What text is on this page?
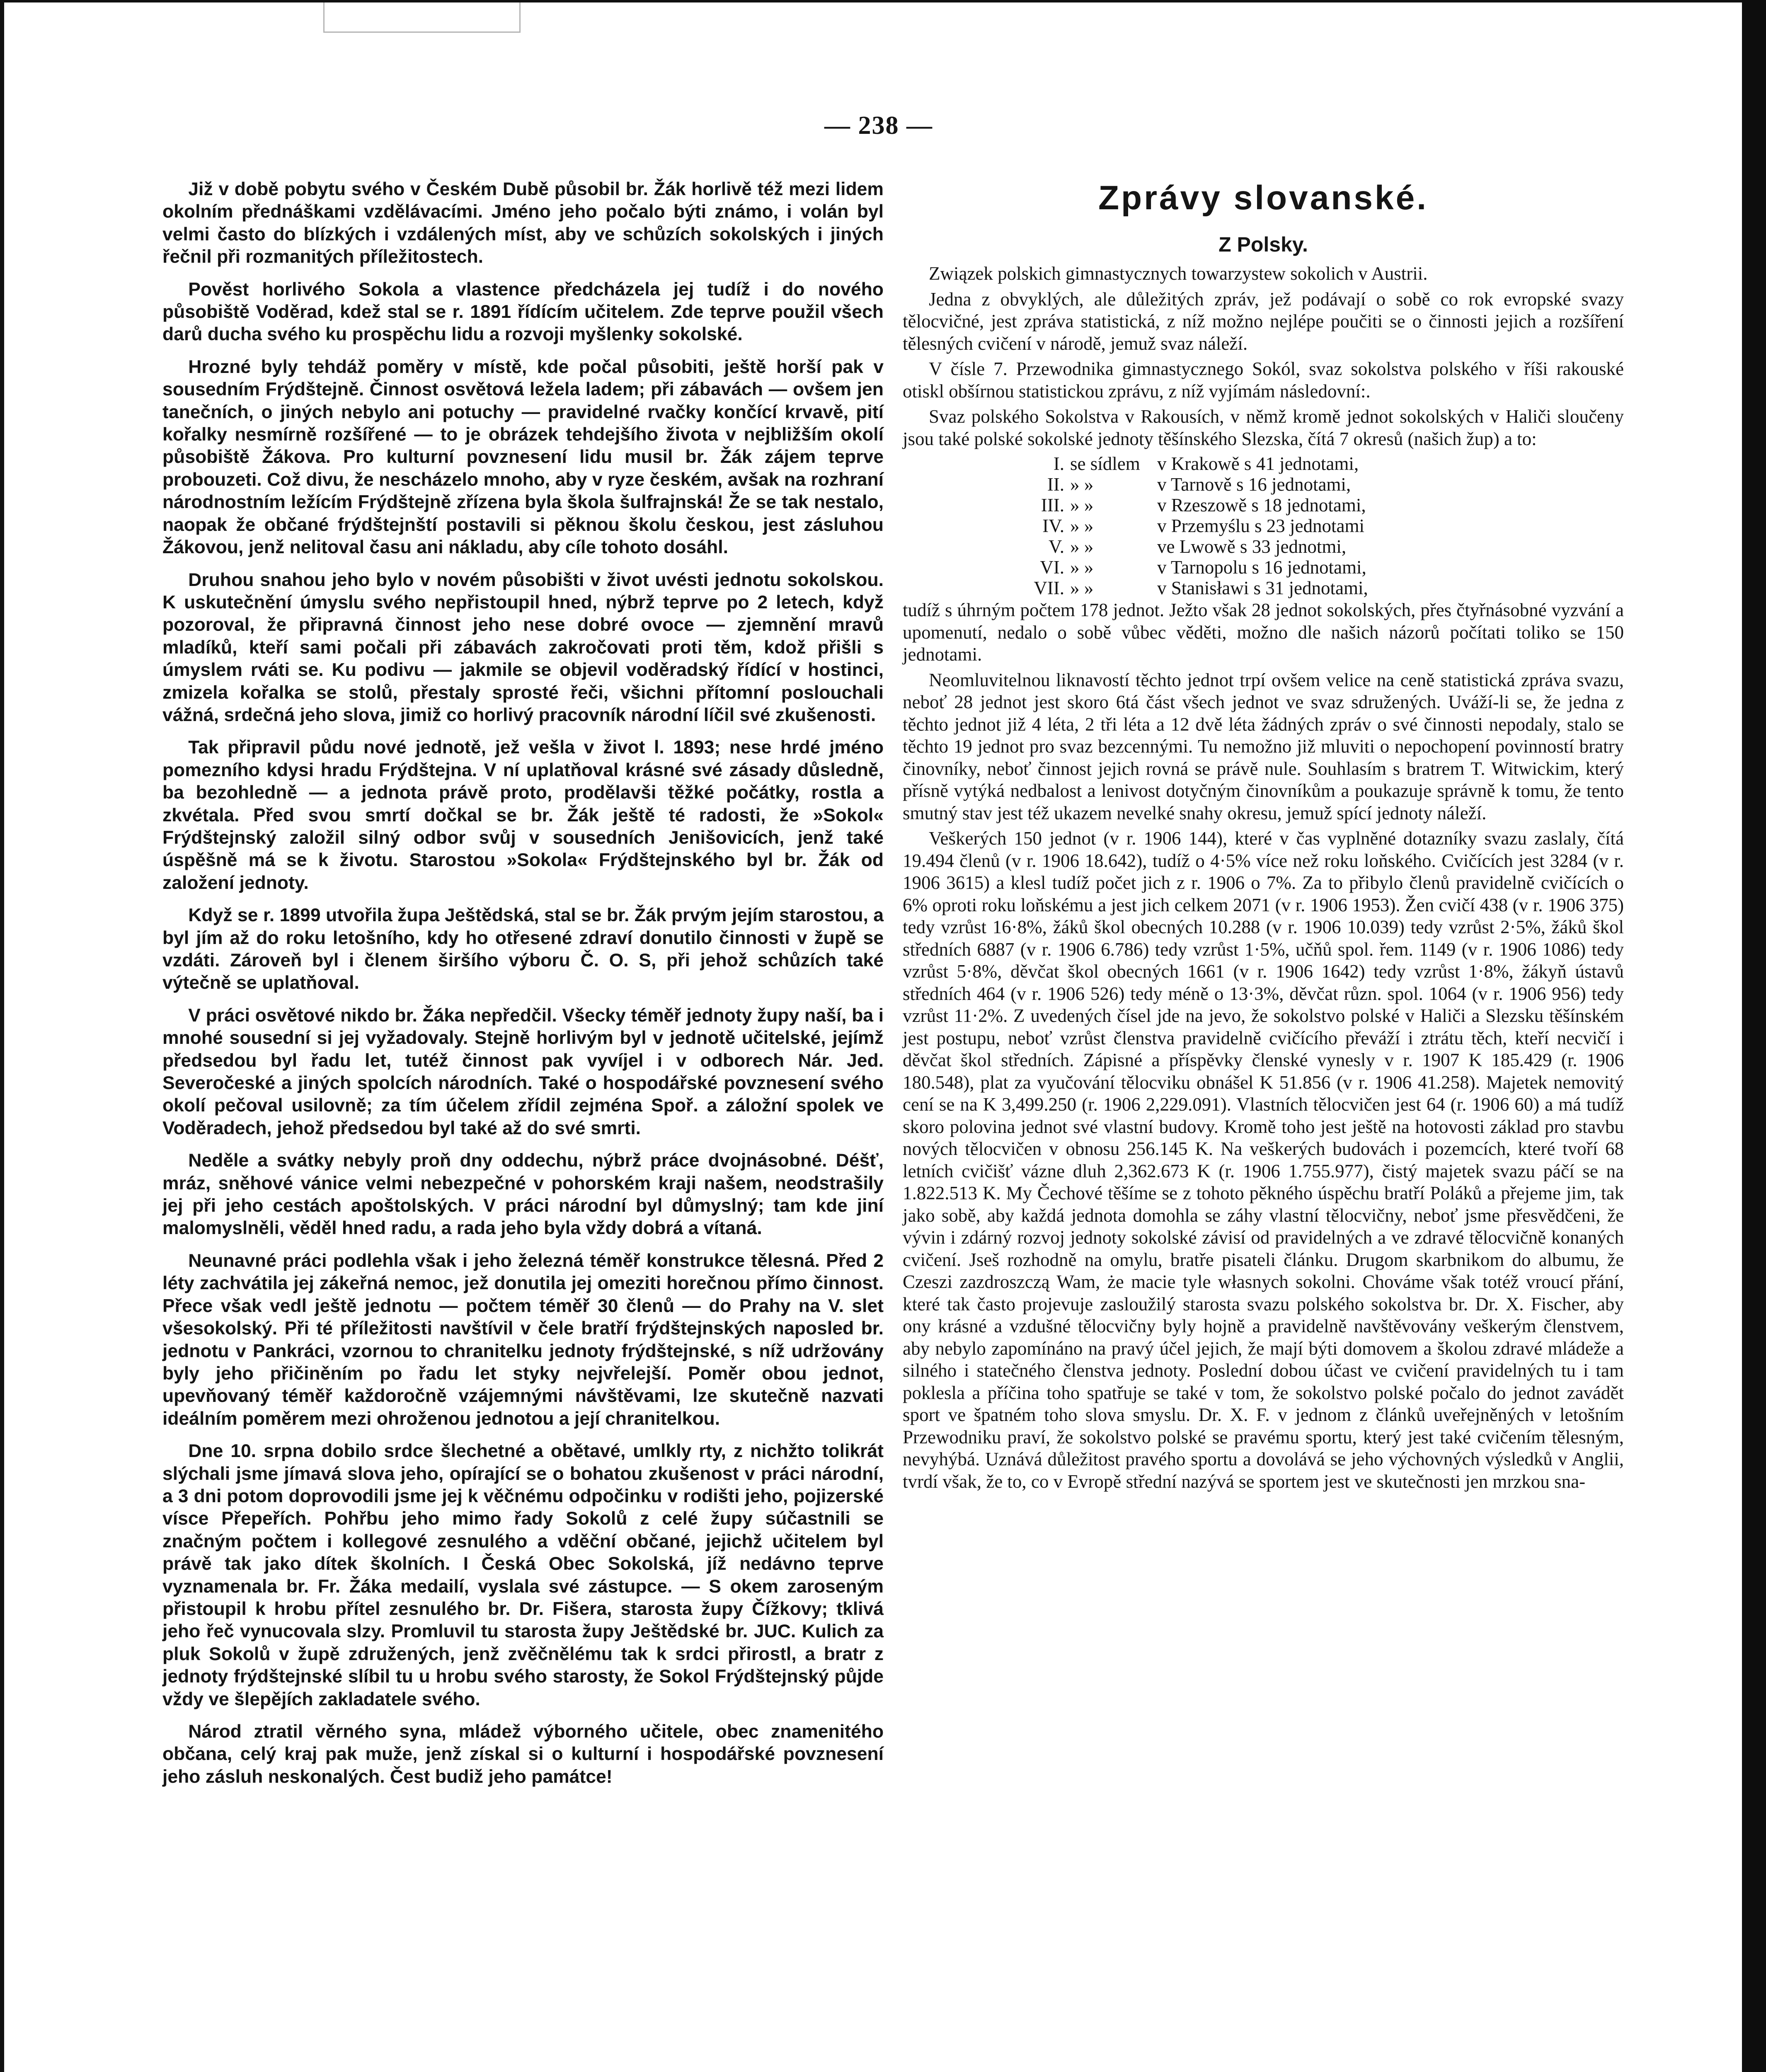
— 238 —

Již v době pobytu svého v Českém Dubě působil br. Žák horlivě též mezi lidem okolním přednáškami vzdělávacími. Jméno jeho počalo býti známo, i volán byl velmi často do blízkých i vzdálených míst, aby ve schůzích sokolských i jiných řečnil při rozmanitých příležitostech.

Pověst horlivého Sokola a vlastence předcházela jej tudíž i do nového působiště Voděrad, kdež stal se r. 1891 řídícím učitelem. Zde teprve použil všech darů ducha svého ku prospěchu lidu a rozvoji myšlenky sokolské.

Hrozné byly tehdáž poměry v místě, kde počal působiti, ještě horší pak v sousedním Frýdštejně. Činnost osvětová ležela ladem; při zábavách — ovšem jen tanečních, o jiných nebylo ani potuchy — pravidelné rvačky končící krvavě, pití kořalky nesmírně rozšířené — to je obrázek tehdejšího života v nejbližším okolí působiště Žákova. Pro kulturní povznesení lidu musil br. Žák zájem teprve probouzeti. Což divu, že nescházelo mnoho, aby v ryze českém, avšak na rozhraní národnostním ležícím Frýdštejně zřízena byla škola šulfrajnská! Že se tak nestalo, naopak že občané frýdštejnští postavili si pěknou školu českou, jest zásluhou Žákovou, jenž nelitoval času ani nákladu, aby cíle tohoto dosáhl.

Druhou snahou jeho bylo v novém působišti v život uvésti jednotu sokolskou. K uskutečnění úmyslu svého nepřistoupil hned, nýbrž teprve po 2 letech, když pozoroval, že připravná činnost jeho nese dobré ovoce — zjemnění mravů mladíků, kteří sami počali při zábavách zakročovati proti těm, kdož přišli s úmyslem rváti se. Ku podivu — jakmile se objevil voděradský řídící v hostinci, zmizela kořalka se stolů, přestaly sprosté řeči, všichni přítomní poslouchali vážná, srdečná jeho slova, jimiž co horlivý pracovník národní líčil své zkušenosti.

Tak připravil půdu nové jednotě, jež vešla v život l. 1893; nese hrdé jméno pomezního kdysi hradu Frýdštejna. V ní uplatňoval krásné své zásady důsledně, ba bezohledně — a jednota právě proto, prodělavši těžké počátky, rostla a zkvétala. Před svou smrtí dočkal se br. Žák ještě té radosti, že »Sokol« Frýdštejnský založil silný odbor svůj v sousedních Jenišovicích, jenž také úspěšně má se k životu. Starostou »Sokola« Frýdštejnského byl br. Žák od založení jednoty.

Když se r. 1899 utvořila župa Ještědská, stal se br. Žák prvým jejím starostou, a byl jím až do roku letošního, kdy ho otřesené zdraví donutilo činnosti v župě se vzdáti. Zároveň byl i členem širšího výboru Č. O. S, při jehož schůzích také výtečně se uplatňoval.

V práci osvětové nikdo br. Žáka nepředčil. Všecky téměř jednoty župy naší, ba i mnohé sousední si jej vyžadovaly. Stejně horlivým byl v jednotě učitelské, jejímž předsedou byl řadu let, tutéž činnost pak vyvíjel i v odborech Nár. Jed. Severočeské a jiných spolcích národních. Také o hospodářské povznesení svého okolí pečoval usilovně; za tím účelem zřídil zejména Spoř. a záložní spolek ve Voděradech, jehož předsedou byl také až do své smrti.

Neděle a svátky nebyly proň dny oddechu, nýbrž práce dvojnásobné. Déšť, mráz, sněhové vánice velmi nebezpečné v pohorském kraji našem, neodstrašily jej při jeho cestách apoštolských. V práci národní byl důmyslný; tam kde jiní malomyslněli, věděl hned radu, a rada jeho byla vždy dobrá a vítaná.

Neunavné práci podlehla však i jeho železná téměř konstrukce tělesná. Před 2 léty zachvátila jej zákeřná nemoc, jež donutila jej omeziti horečnou přímo činnost. Přece však vedl ještě jednotu — počtem téměř 30 členů — do Prahy na V. slet všesokolský. Při té příležitosti navštívil v čele bratří frýdštejnských naposled br. jednotu v Pankráci, vzornou to chranitelku jednoty frýdštejnské, s níž udržovány byly jeho přičiněním po řadu let styky nejvřelejší. Poměr obou jednot, upevňovaný téměř každoročně vzájemnými návštěvami, lze skutečně nazvati ideálním poměrem mezi ohroženou jednotou a její chranitelkou.

Dne 10. srpna dobilo srdce šlechetné a obětavé, umlkly rty, z nichžto tolikrát slýchali jsme jímavá slova jeho, opírající se o bohatou zkušenost v práci národní, a 3 dni potom doprovodili jsme jej k věčnému odpočinku v rodišti jeho, pojizerské vísce Přepeřích. Pohřbu jeho mimo řady Sokolů z celé župy súčastnili se značným počtem i kollegové zesnulého a vděční občané, jejichž učitelem byl právě tak jako dítek školních. I Česká Obec Sokolská, jíž nedávno teprve vyznamenala br. Fr. Žáka medailí, vyslala své zástupce. — S okem zaroseným přistoupil k hrobu přítel zesnulého br. Dr. Fišera, starosta župy Čížkovy; tklivá jeho řeč vynucovala slzy. Promluvil tu starosta župy Ještědské br. JUC. Kulich za pluk Sokolů v župě združených, jenž zvěčnělému tak k srdci přirostl, a bratr z jednoty frýdštejnské slíbil tu u hrobu svého starosty, že Sokol Frýdštejnský půjde vždy ve šlepějích zakladatele svého.

Národ ztratil věrného syna, mládež výborného učitele, obec znamenitého občana, celý kraj pak muže, jenž získal si o kulturní i hospodářské povznesení jeho zásluh neskonalých. Čest budiž jeho památce!

Zprávy slovanské.
Z Polsky.

Związek polskich gimnastycznych towarzystew sokolich v Austrii.

Jedna z obvyklých, ale důležitých zpráv, jež podávají o sobě co rok evropské svazy tělocvičné, jest zpráva statistická, z níž možno nejlépe poučiti se o činnosti jejich a rozšíření tělesných cvičení v národě, jemuž svaz náleží.

V čísle 7. Przewodnika gimnastycznego Sokól, svaz sokolstva polského v říši rakouské otiskl obšírnou statistickou zprávu, z níž vyjímám následovní:.

Svaz polského Sokolstva v Rakousích, v němž kromě jednot sokolských v Haliči sloučeny jsou také polské sokolské jednoty těšínského Slezska, čítá 7 okresů (našich žup) a to:

I. se sídlem v Krakowě s 41 jednotami,
II. » »	v Tarnově s 16 jednotami,
III. » »	v Rzeszowě s 18 jednotami,
IV. » »	v Przemyślu s 23 jednotami
V. » »	ve Lwowě s 33 jednotmi,
VI. » »	v Tarnopolu s 16 jednotami,
VII. » »	v Stanisławi s 31 jednotami,

tudíž s úhrným počtem 178 jednot. Ježto však 28 jednot sokolských, přes čtyřnásobné vyzvání a upomenutí, nedalo o sobě vůbec věděti, možno dle našich názorů počítati toliko se 150 jednotami.

Neomluvitelnou liknavostí těchto jednot trpí ovšem velice na ceně statistická zpráva svazu, neboť 28 jednot jest skoro 6tá část všech jednot ve svaz sdružených. Uváží-li se, že jedna z těchto jednot již 4 léta, 2 tři léta a 12 dvě léta žádných zpráv o své činnosti nepodaly, stalo se těchto 19 jednot pro svaz bezcennými. Tu nemožno již mluviti o nepochopení povinností bratry činovníky, neboť činnost jejich rovná se právě nule. Souhlasím s bratrem T. Witwickim, který přísně vytýká nedbalost a lenivost dotyčným činovníkům a poukazuje správně k tomu, že tento smutný stav jest též ukazem nevelké snahy okresu, jemuž spící jednoty náleží.

Veškerých 150 jednot (v r. 1906 144), které v čas vyplněné dotazníky svazu zaslaly, čítá 19.494 členů (v r. 1906 18.642), tudíž o 4·5% více než roku loňského. Cvičících jest 3284 (v r. 1906 3615) a klesl tudíž počet jich z r. 1906 o 7%. Za to přibylo členů pravidelně cvičících o 6% oproti roku loňskému a jest jich celkem 2071 (v r. 1906 1953). Žen cvičí 438 (v r. 1906 375) tedy vzrůst 16·8%, žáků škol obecných 10.288 (v r. 1906 10.039) tedy vzrůst 2·5%, žáků škol středních 6887 (v r. 1906 6.786) tedy vzrůst 1·5%, učňů spol. řem. 1149 (v r. 1906 1086) tedy vzrůst 5·8%, děvčat škol obecných 1661 (v r. 1906 1642) tedy vzrůst 1·8%, žákyň ústavů středních 464 (v r. 1906 526) tedy méně o 13·3%, děvčat různ. spol. 1064 (v r. 1906 956) tedy vzrůst 11·2%. Z uvedených čísel jde na jevo, že sokolstvo polské v Haliči a Slezsku těšínském jest postupu, neboť vzrůst členstva pravidelně cvičícího převáží i ztrátu těch, kteří necvičí i děvčat škol středních. Zápisné a příspěvky členské vynesly v r. 1907 K 185.429 (r. 1906 180.548), plat za vyučování tělocviku obnášel K 51.856 (v r. 1906 41.258). Majetek nemovitý cení se na K 3,499.250 (r. 1906 2,229.091). Vlastních tělocvičen jest 64 (r. 1906 60) a má tudíž skoro polovina jednot své vlastní budovy. Kromě toho jest ještě na hotovosti základ pro stavbu nových tělocvičen v obnosu 256.145 K. Na veškerých budovách i pozemcích, které tvoří 68 letních cvičišť vázne dluh 2,362.673 K (r. 1906 1.755.977), čistý majetek svazu páčí se na 1.822.513 K. My Čechové těšíme se z tohoto pěkného úspěchu bratří Poláků a přejeme jim, tak jako sobě, aby každá jednota domohla se záhy vlastní tělocvičny, neboť jsme přesvědčeni, že vývin i zdárný rozvoj jednoty sokolské závisí od pravidelných a ve zdravé tělocvičně konaných cvičení. Jseš rozhodně na omylu, bratře pisateli článku. Drugom skarbnikom do albumu, že Czeszi zazdroszczą Wam, że macie tyle własnych sokolni. Chováme však totéž vroucí přání, které tak často projevuje zasloužilý starosta svazu polského sokolstva br. Dr. X. Fischer, aby ony krásné a vzdušné tělocvičny byly hojně a pravidelně navštěvovány veškerým členstvem, aby nebylo zapomínáno na pravý účel jejich, že mají býti domovem a školou zdravé mládeže a silného i statečného členstva jednoty. Poslední dobou účast ve cvičení pravidelných tu i tam poklesla a příčina toho spatřuje se také v tom, že sokolstvo polské počalo do jednot zavádět sport ve špatném toho slova smyslu. Dr. X. F. v jednom z článků uveřejněných v letošním Przewodniku praví, že sokolstvo polské se pravému sportu, který jest také cvičením tělesným, nevyhýbá. Uznává důležitost pravého sportu a dovolává se jeho výchovných výsledků v Anglii, tvrdí však, že to, co v Evropě střední nazývá se sportem jest ve skutečnosti jen mrzkou sna-
